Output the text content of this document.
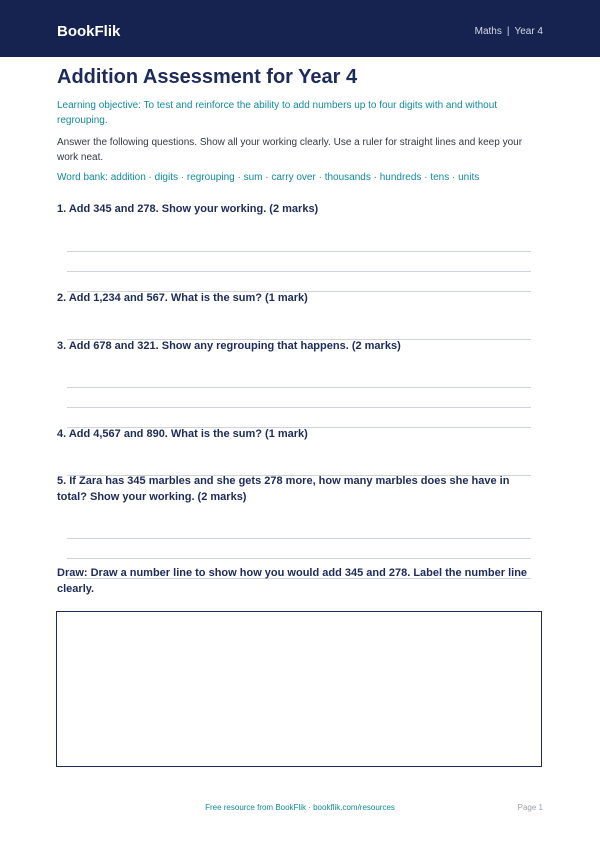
BookFlik	Maths | Year 4
Addition Assessment for Year 4
Learning objective: To test and reinforce the ability to add numbers up to four digits with and without regrouping.
Answer the following questions. Show all your working clearly. Use a ruler for straight lines and keep your work neat.
Word bank: addition · digits · regrouping · sum · carry over · thousands · hundreds · tens · units
1. Add 345 and 278. Show your working. (2 marks)
2. Add 1,234 and 567. What is the sum? (1 mark)
3. Add 678 and 321. Show any regrouping that happens. (2 marks)
4. Add 4,567 and 890. What is the sum? (1 mark)
5. If Zara has 345 marbles and she gets 278 more, how many marbles does she have in total? Show your working. (2 marks)
Draw: Draw a number line to show how you would add 345 and 278. Label the number line clearly.
Free resource from BookFlik · bookflik.com/resources	Page 1
